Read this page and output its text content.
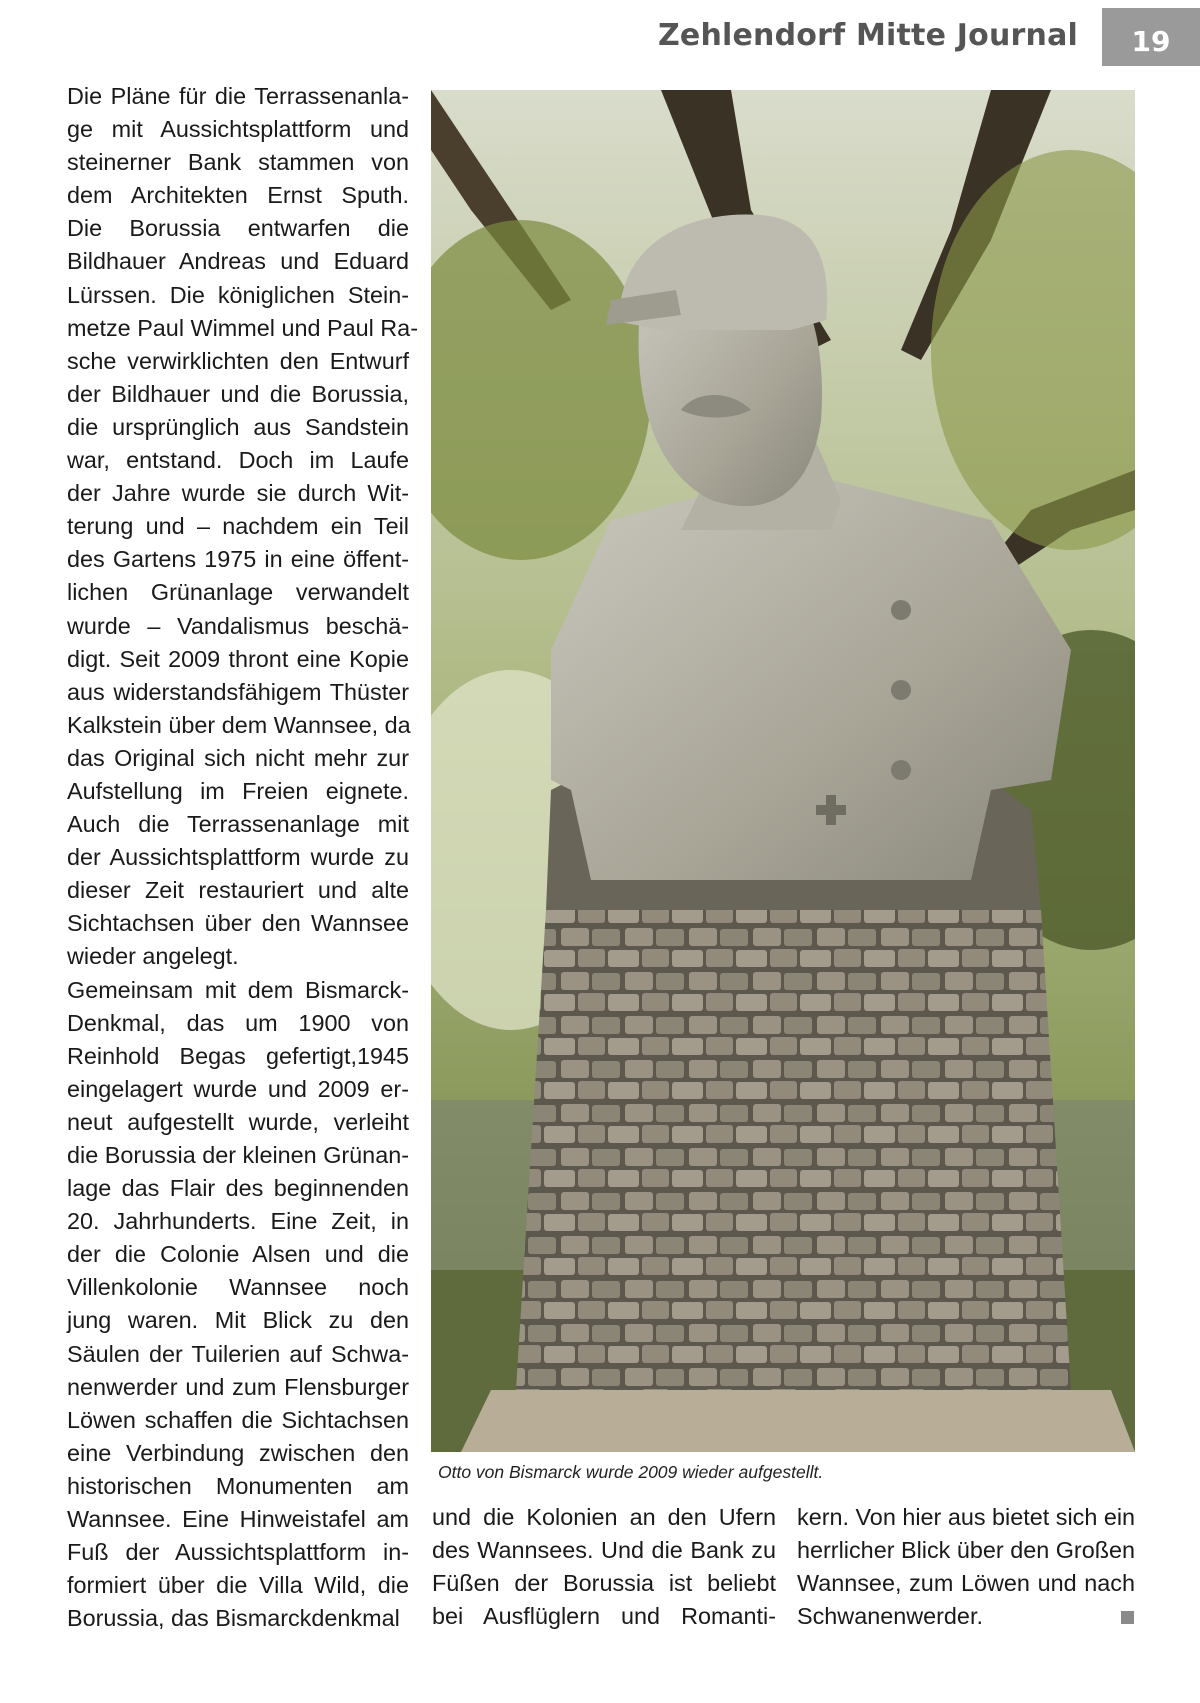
Zehlendorf Mitte Journal	19
Die Pläne für die Terrassenanla-
ge mit Aussichtsplattform und
steinerner Bank stammen von
dem Architekten Ernst Sputh.
Die Borussia entwarfen die
Bildhauer Andreas und Eduard
Lürssen. Die königlichen Stein-
metze Paul Wimmel und Paul Ra-
sche verwirklichten den Entwurf
der Bildhauer und die Borussia,
die ursprünglich aus Sandstein
war, entstand. Doch im Laufe
der Jahre wurde sie durch Wit-
terung und – nachdem ein Teil
des Gartens 1975 in eine öffent-
lichen Grünanlage verwandelt
wurde – Vandalismus beschä-
digt. Seit 2009 thront eine Kopie
aus widerstandsfähigem Thüster
Kalkstein über dem Wannsee, da
das Original sich nicht mehr zur
Aufstellung im Freien eignete.
Auch die Terrassenanlage mit
der Aussichtsplattform wurde zu
dieser Zeit restauriert und alte
Sichtachsen über den Wannsee
wieder angelegt.
Gemeinsam mit dem Bismarck-
Denkmal, das um 1900 von
Reinhold Begas gefertigt,1945
eingelagert wurde und 2009 er-
neut aufgestellt wurde, verleiht
die Borussia der kleinen Grünan-
lage das Flair des beginnenden
20. Jahrhunderts. Eine Zeit, in
der die Colonie Alsen und die
Villenkolonie Wannsee noch
jung waren. Mit Blick zu den
Säulen der Tuilerien auf Schwa-
nenwerder und zum Flensburger
Löwen schaffen die Sichtachsen
eine Verbindung zwischen den
historischen Monumenten am
Wannsee. Eine Hinweistafel am
Fuß der Aussichtsplattform in-
formiert über die Villa Wild, die
Borussia, das Bismarckdenkmal
Otto von Bismarck wurde 2009 wieder aufgestellt.
und die Kolonien an den Ufern
des Wannsees. Und die Bank zu
Füßen der Borussia ist beliebt
bei Ausflüglern und Romanti-
kern. Von hier aus bietet sich ein
herrlicher Blick über den Großen
Wannsee, zum Löwen und nach
Schwanenwerder.
